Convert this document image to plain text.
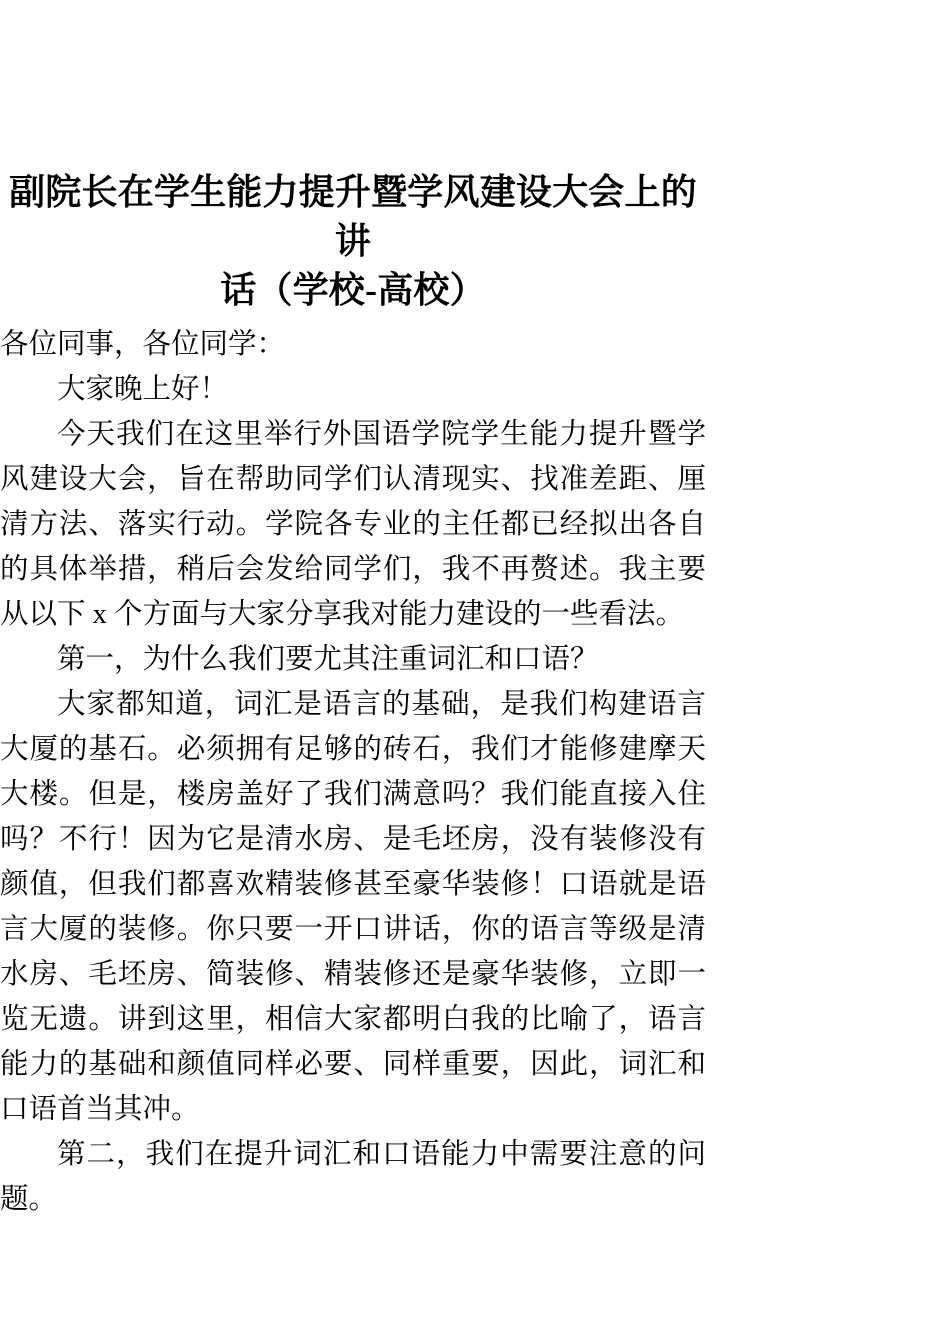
副院长在学生能力提升暨学风建设大会上的讲
话（学校-高校）

各位同事，各位同学：

大家晚上好！

今天我们在这里举行外国语学院学生能力提升暨学风建设大会，旨在帮助同学们认清现实、找准差距、厘清方法、落实行动。学院各专业的主任都已经拟出各自的具体举措，稍后会发给同学们，我不再赘述。我主要从以下 x 个方面与大家分享我对能力建设的一些看法。

第一，为什么我们要尤其注重词汇和口语？

大家都知道，词汇是语言的基础，是我们构建语言大厦的基石。必须拥有足够的砖石，我们才能修建摩天大楼。但是，楼房盖好了我们满意吗？我们能直接入住吗？不行！因为它是清水房、是毛坯房，没有装修没有颜值，但我们都喜欢精装修甚至豪华装修！口语就是语言大厦的装修。你只要一开口讲话，你的语言等级是清水房、毛坯房、简装修、精装修还是豪华装修，立即一览无遗。讲到这里，相信大家都明白我的比喻了，语言能力的基础和颜值同样必要、同样重要，因此，词汇和口语首当其冲。

第二，我们在提升词汇和口语能力中需要注意的问题。
